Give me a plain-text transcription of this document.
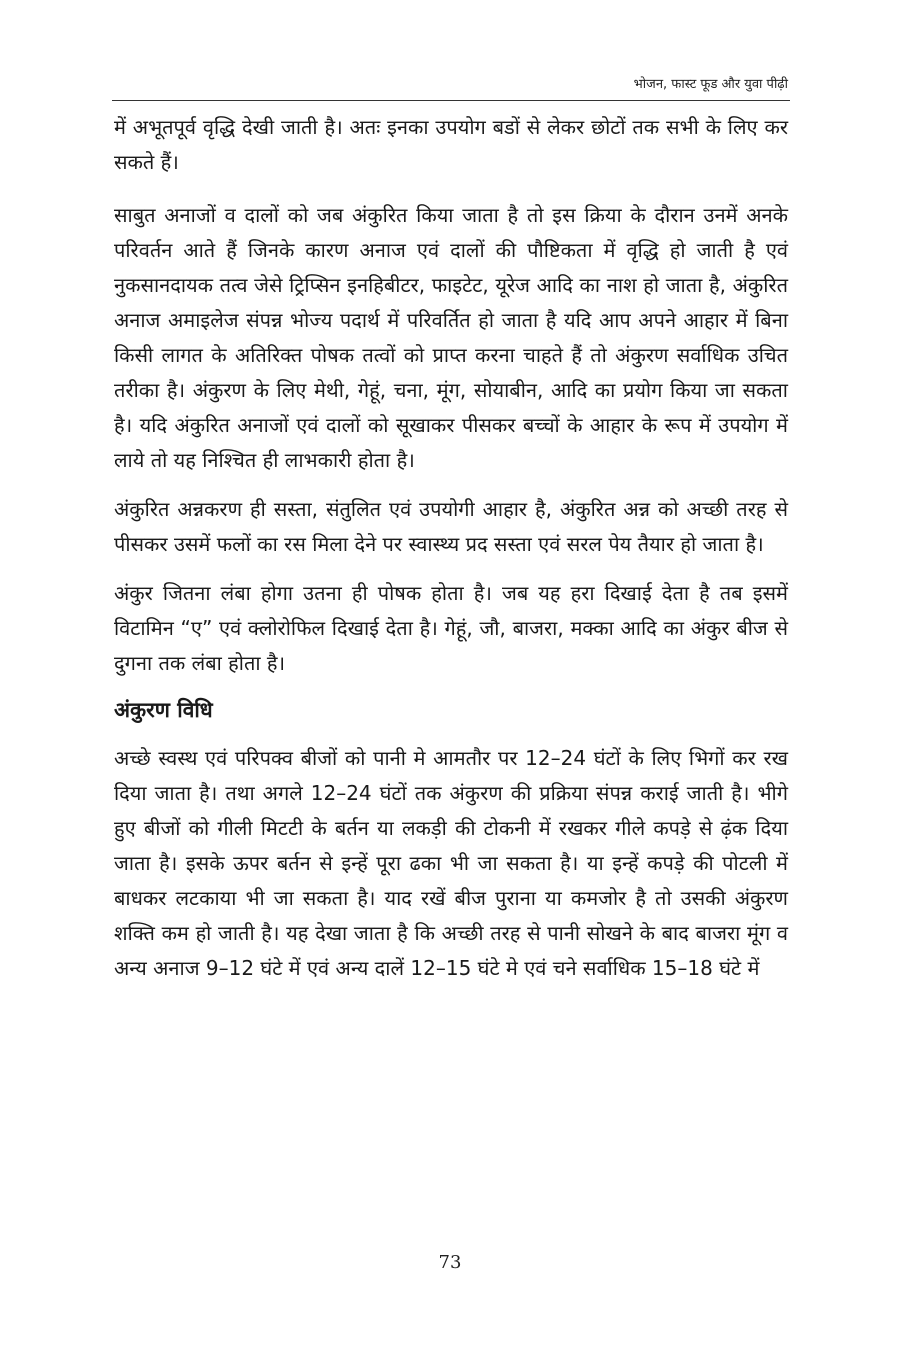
भोजन, फास्ट फूड और युवा पीढ़ी

में अभूतपूर्व वृद्धि देखी जाती है। अतः इनका उपयोग बडों से लेकर छोटों तक सभी के लिए कर सकते हैं।

साबुत अनाजों व दालों को जब अंकुरित किया जाता है तो इस क्रिया के दौरान उनमें अनके परिवर्तन आते हैं जिनके कारण अनाज एवं दालों की पौष्टिकता में वृद्धि हो जाती है एवं नुकसानदायक तत्व जेसे ट्रिप्सिन इनहिबीटर, फाइटेट, यूरेज आदि का नाश हो जाता है, अंकुरित अनाज अमाइलेज संपन्न भोज्य पदार्थ में परिवर्तित हो जाता है यदि आप अपने आहार में बिना किसी लागत के अतिरिक्त पोषक तत्वों को प्राप्त करना चाहते हैं तो अंकुरण सर्वाधिक उचित तरीका है। अंकुरण के लिए मेथी, गेहूं, चना, मूंग, सोयाबीन, आदि का प्रयोग किया जा सकता है। यदि अंकुरित अनाजों एवं दालों को सूखाकर पीसकर बच्चों के आहार के रूप में उपयोग में लाये तो यह निश्चित ही लाभकारी होता है।

अंकुरित अन्नकरण ही सस्ता, संतुलित एवं उपयोगी आहार है, अंकुरित अन्न को अच्छी तरह से पीसकर उसमें फलों का रस मिला देने पर स्वास्थ्य प्रद सस्ता एवं सरल पेय तैयार हो जाता है।

अंकुर जितना लंबा होगा उतना ही पोषक होता है। जब यह हरा दिखाई देता है तब इसमें विटामिन “ए” एवं क्लोरोफिल दिखाई देता है। गेहूं, जौ, बाजरा, मक्का आदि का अंकुर बीज से दुगना तक लंबा होता है।

अंकुरण विधि

अच्छे स्वस्थ एवं परिपक्व बीजों को पानी मे आमतौर पर 12–24 घंटों के लिए भिगों कर रख दिया जाता है। तथा अगले 12–24 घंटों तक अंकुरण की प्रक्रिया संपन्न कराई जाती है। भीगे हुए बीजों को गीली मिटटी के बर्तन या लकड़ी की टोकनी में रखकर गीले कपड़े से ढ़ंक दिया जाता है। इसके ऊपर बर्तन से इन्हें पूरा ढका भी जा सकता है। या इन्हें कपड़े की पोटली में बाधकर लटकाया भी जा सकता है। याद रखें बीज पुराना या कमजोर है तो उसकी अंकुरण शक्ति कम हो जाती है। यह देखा जाता है कि अच्छी तरह से पानी सोखने के बाद बाजरा मूंग व अन्य अनाज 9–12 घंटे में एवं अन्य दालें 12–15 घंटे मे एवं चने सर्वाधिक 15–18 घंटे में

73
